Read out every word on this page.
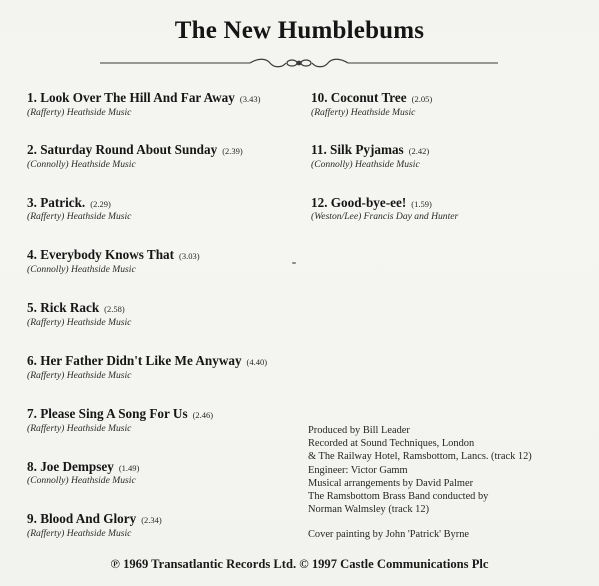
The New Humblebums
1. Look Over The Hill And Far Away (3.43)
(Rafferty) Heathside Music
2. Saturday Round About Sunday (2.39)
(Connolly) Heathside Music
3. Patrick. (2.29)
(Rafferty) Heathside Music
4. Everybody Knows That (3.03)
(Connolly) Heathside Music
5. Rick Rack (2.58)
(Rafferty) Heathside Music
6. Her Father Didn't Like Me Anyway (4.40)
(Rafferty) Heathside Music
7. Please Sing A Song For Us (2.46)
(Rafferty) Heathside Music
8. Joe Dempsey (1.49)
(Connolly) Heathside Music
9. Blood And Glory (2.34)
(Rafferty) Heathside Music
10. Coconut Tree (2.05)
(Rafferty) Heathside Music
11. Silk Pyjamas (2.42)
(Connolly) Heathside Music
12. Good-bye-ee! (1.59)
(Weston/Lee) Francis Day and Hunter
Produced by Bill Leader
Recorded at Sound Techniques, London
& The Railway Hotel, Ramsbottom, Lancs. (track 12)
Engineer: Victor Gamm
Musical arrangements by David Palmer
The Ramsbottom Brass Band conducted by
Norman Walmsley (track 12)
Cover painting by John 'Patrick' Byrne
℗ 1969 Transatlantic Records Ltd. © 1997 Castle Communications Plc
